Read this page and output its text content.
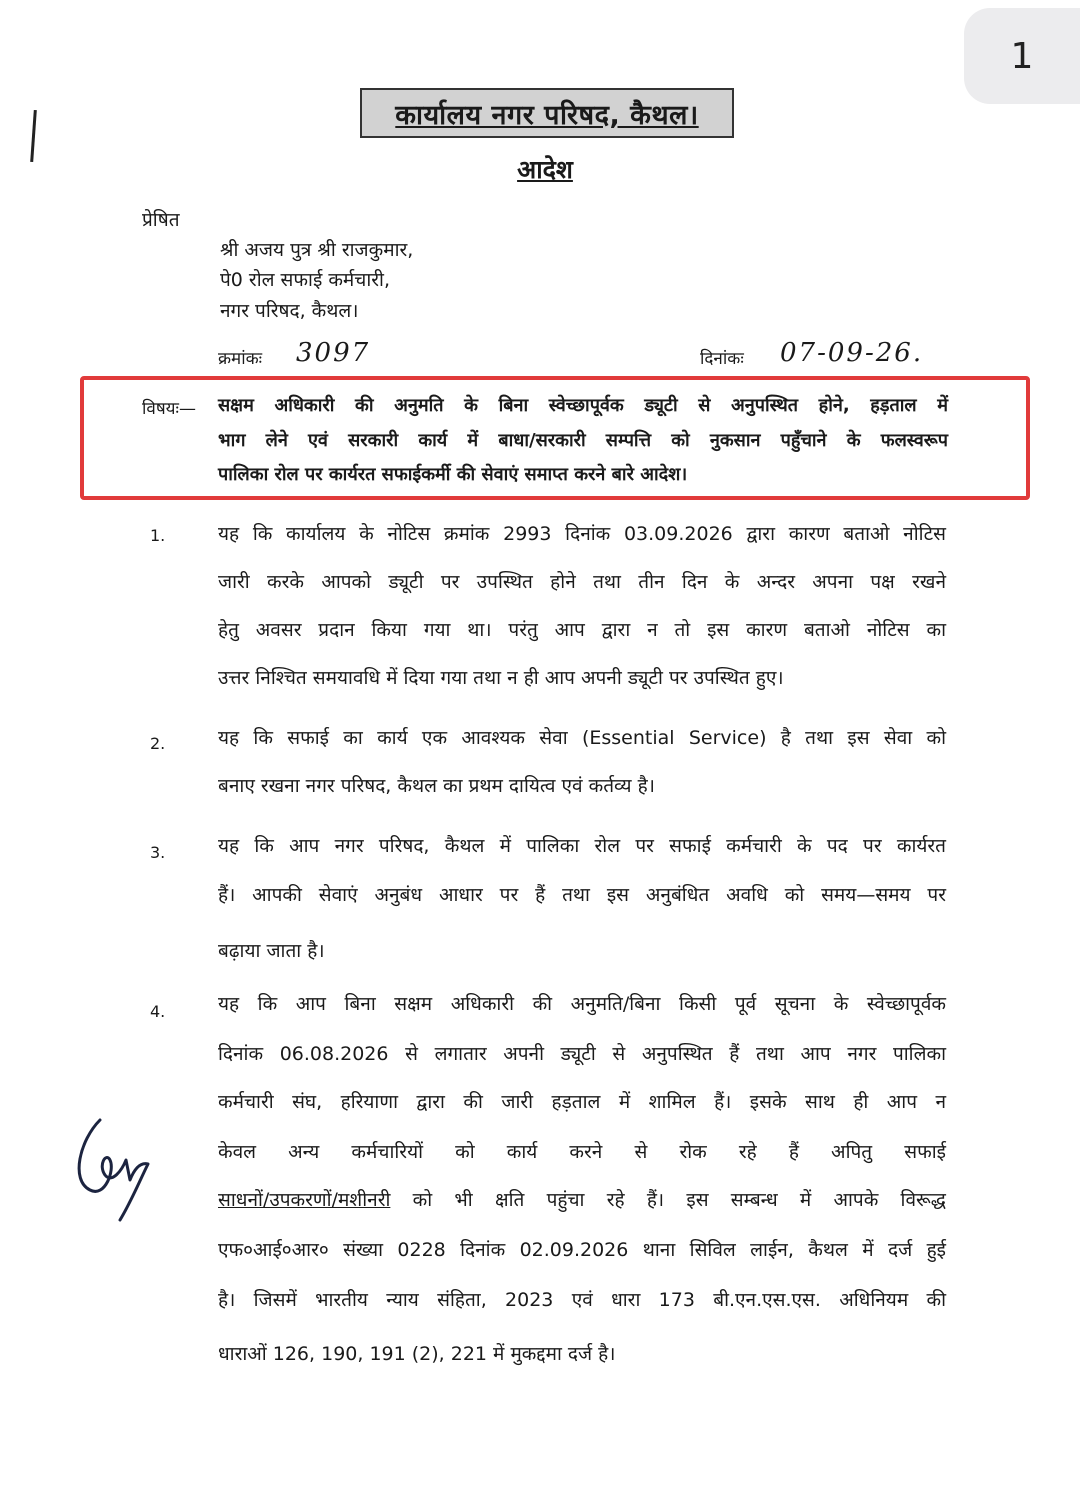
1
कार्यालय नगर परिषद, कैथल।
आदेश
प्रेषित
श्री अजय पुत्र श्री राजकुमार,
पे0 रोल सफाई कर्मचारी,
नगर परिषद, कैथल।
क्रमांकः 3097	दिनांकः 07-09-26.
विषयः— सक्षम अधिकारी की अनुमति के बिना स्वेच्छापूर्वक ड्यूटी से अनुपस्थित होने, हड़ताल में
भाग लेने एवं सरकारी कार्य में बाधा/सरकारी सम्पत्ति को नुकसान पहुँचाने के फलस्वरूप
पालिका रोल पर कार्यरत सफाईकर्मी की सेवाएं समाप्त करने बारे आदेश।
1.	यह कि कार्यालय के नोटिस क्रमांक 2993 दिनांक 03.09.2026 द्वारा कारण बताओ नोटिस
जारी करके आपको ड्यूटी पर उपस्थित होने तथा तीन दिन के अन्दर अपना पक्ष रखने
हेतु अवसर प्रदान किया गया था। परंतु आप द्वारा न तो इस कारण बताओ नोटिस का
उत्तर निश्चित समयावधि में दिया गया तथा न ही आप अपनी ड्यूटी पर उपस्थित हुए।
2.	यह कि सफाई का कार्य एक आवश्यक सेवा (Essential Service) है तथा इस सेवा को
बनाए रखना नगर परिषद, कैथल का प्रथम दायित्व एवं कर्तव्य है।
3.	यह कि आप नगर परिषद, कैथल में पालिका रोल पर सफाई कर्मचारी के पद पर कार्यरत
हैं। आपकी सेवाएं अनुबंध आधार पर हैं तथा इस अनुबंधित अवधि को समय—समय पर
बढ़ाया जाता है।
4.	यह कि आप बिना सक्षम अधिकारी की अनुमति/बिना किसी पूर्व सूचना के स्वेच्छापूर्वक
दिनांक 06.08.2026 से लगातार अपनी ड्यूटी से अनुपस्थित हैं तथा आप नगर पालिका
कर्मचारी संघ, हरियाणा द्वारा की जारी हड़ताल में शामिल हैं। इसके साथ ही आप न
केवल अन्य कर्मचारियों को कार्य करने से रोक रहे हैं अपितु सफाई
साधनों/उपकरणों/मशीनरी को भी क्षति पहुंचा रहे हैं। इस सम्बन्ध में आपके विरूद्ध
एफ०आई०आर० संख्या 0228 दिनांक 02.09.2026 थाना सिविल लाईन, कैथल में दर्ज हुई
है। जिसमें भारतीय न्याय संहिता, 2023 एवं धारा 173 बी.एन.एस.एस. अधिनियम की
धाराओं 126, 190, 191 (2), 221 में मुकद्दमा दर्ज है।
